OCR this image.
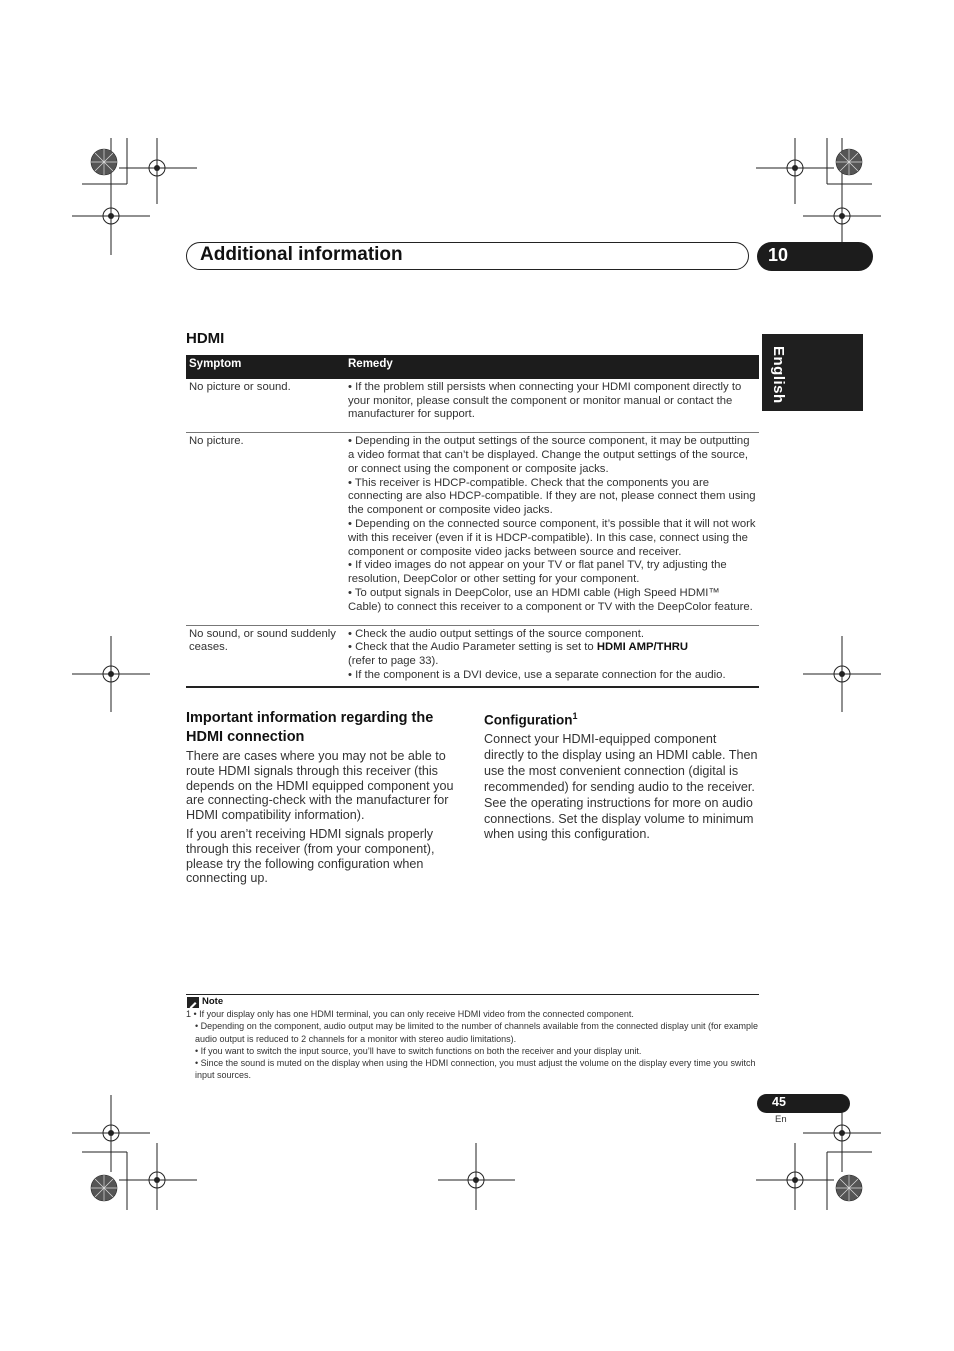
Additional information	10
English
HDMI
Symptom	Remedy
No picture or sound.	• If the problem still persists when connecting your HDMI component directly to your monitor, please consult the component or monitor manual or contact the manufacturer for support.

No picture.	• Depending in the output settings of the source component, it may be outputting a video format that can’t be displayed. Change the output settings of the source, or connect using the component or composite jacks.
• This receiver is HDCP-compatible. Check that the components you are connecting are also HDCP-compatible. If they are not, please connect them using the component or composite video jacks.
• Depending on the connected source component, it’s possible that it will not work with this receiver (even if it is HDCP-compatible). In this case, connect using the component or composite video jacks between source and receiver.
• If video images do not appear on your TV or flat panel TV, try adjusting the resolution, DeepColor or other setting for your component.
• To output signals in DeepColor, use an HDMI cable (High Speed HDMI™ Cable) to connect this receiver to a component or TV with the DeepColor feature.

No sound, or sound suddenly ceases.	• Check the audio output settings of the source component.
• Check that the Audio Parameter setting is set to HDMI AMP/THRU
(refer to page 33).
• If the component is a DVI device, use a separate connection for the audio.
Important information regarding the HDMI connection
There are cases where you may not be able to route HDMI signals through this receiver (this depends on the HDMI equipped component you are connecting-check with the manufacturer for HDMI compatibility information).
If you aren’t receiving HDMI signals properly through this receiver (from your component), please try the following configuration when connecting up.
Configuration$^1$
Connect your HDMI-equipped component directly to the display using an HDMI cable. Then use the most convenient connection (digital is recommended) for sending audio to the receiver. See the operating instructions for more on audio connections. Set the display volume to minimum when using this configuration.
Note
1 • If your display only has one HDMI terminal, you can only receive HDMI video from the connected component.
• Depending on the component, audio output may be limited to the number of channels available from the connected display unit (for example audio output is reduced to 2 channels for a monitor with stereo audio limitations).
• If you want to switch the input source, you’ll have to switch functions on both the receiver and your display unit.
• Since the sound is muted on the display when using the HDMI connection, you must adjust the volume on the display every time you switch input sources.
45
En
